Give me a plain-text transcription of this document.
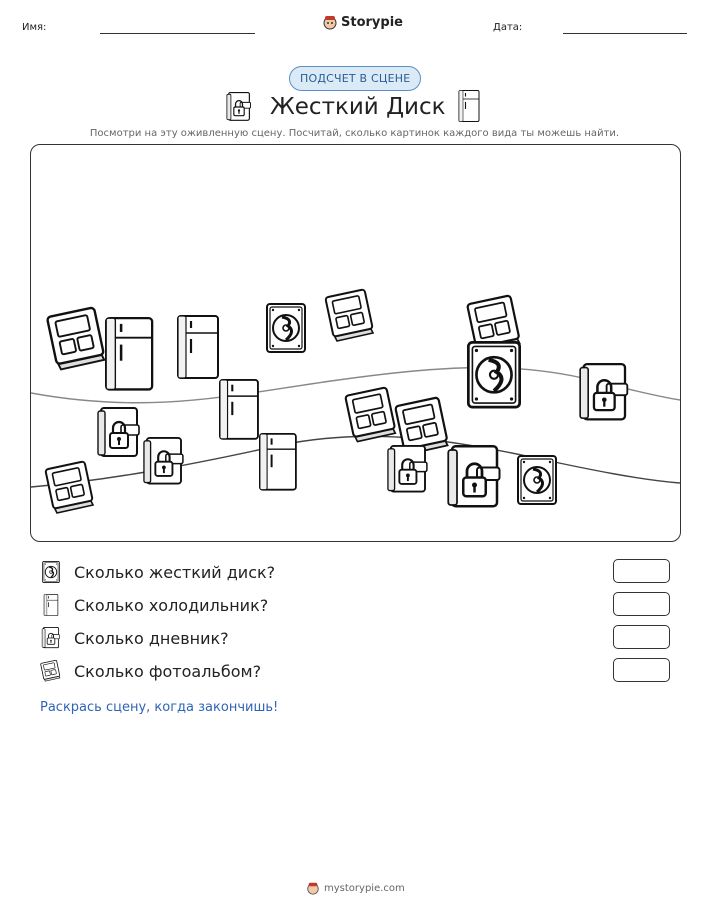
Имя:	Storypie	Дата:
ПОДСЧЕТ В СЦЕНЕ
Жесткий Диск
Посмотри на эту оживленную сцену. Посчитай, сколько картинок каждого вида ты можешь найти.
Сколько жесткий диск?
Сколько холодильник?
Сколько дневник?
Сколько фотоальбом?
Раскрась сцену, когда закончишь!
mystorypie.com
